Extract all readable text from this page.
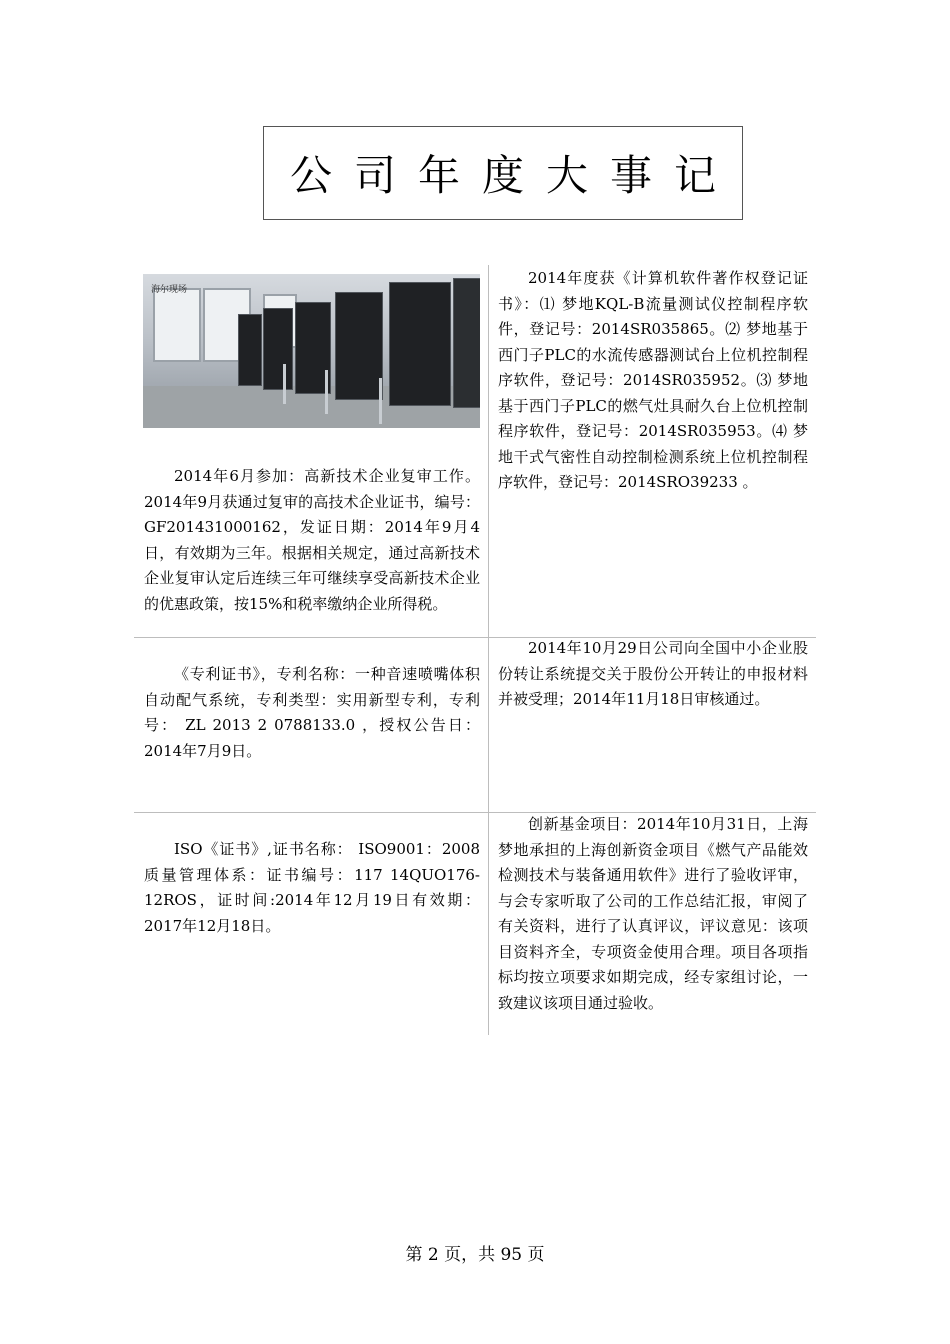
公司年度大事记
海尔现场
2014年6月参加：高新技术企业复审工作。2014年9月获通过复审的高技术企业证书，编号：GF201431000162，发证日期：2014年9月4日，有效期为三年。根据相关规定，通过高新技术企业复审认定后连续三年可继续享受高新技术企业的优惠政策，按15%和税率缴纳企业所得税。
2014年度获《计算机软件著作权登记证书》：⑴ 梦地KQL-B流量测试仪控制程序软件，登记号：2014SR035865。⑵ 梦地基于西门子PLC的水流传感器测试台上位机控制程序软件，登记号：2014SR035952。⑶ 梦地基于西门子PLC的燃气灶具耐久台上位机控制程序软件，登记号：2014SR035953。⑷ 梦地干式气密性自动控制检测系统上位机控制程序软件，登记号：2014SRO39233 。
《专利证书》，专利名称：一种音速喷嘴体积自动配气系统，专利类型：实用新型专利，专利号： ZL 2013 2 0788133.0 ，授权公告日：2014年7月9日。
2014年10月29日公司向全国中小企业股份转让系统提交关于股份公开转让的申报材料并被受理；2014年11月18日审核通过。
ISO《证书》,证书名称： ISO9001：2008质量管理体系：证书编号：117 14QUO176-12ROS，证时间:2014年12月19日有效期：2017年12月18日。
创新基金项目：2014年10月31日，上海梦地承担的上海创新资金项目《燃气产品能效检测技术与装备通用软件》进行了验收评审，与会专家听取了公司的工作总结汇报，审阅了有关资料，进行了认真评议，评议意见：该项目资料齐全，专项资金使用合理。项目各项指标均按立项要求如期完成，经专家组讨论，一致建议该项目通过验收。
第 2 页，共 95 页
